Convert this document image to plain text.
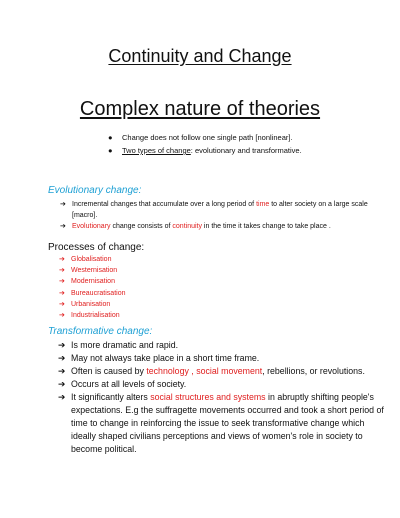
Continuity and Change
Complex nature of theories
● Change does not follow one single path [nonlinear].
● Two types of change: evolutionary and transformative.
Evolutionary change:
➔ Incremental changes that accumulate over a long period of time to alter society on a large scale [macro].
➔ Evolutionary change consists of continuity in the time it takes change to take place .
Processes of change:
➔ Globalisation
➔ Westernisation
➔ Modernisation
➔ Bureaucratisation
➔ Urbanisation
➔ Industrialisation
Transformative change:
➔ Is more dramatic and rapid.
➔ May not always take place in a short time frame.
➔ Often is caused by technology , social movement, rebellions, or revolutions.
➔ Occurs at all levels of society.
➔ It significantly alters social structures and systems in abruptly shifting people's expectations. E.g the suffragette movements occurred and took a short period of time to change in reinforcing the issue to seek transformative change which ideally shaped civilians perceptions and views of women's role in society to become political.
